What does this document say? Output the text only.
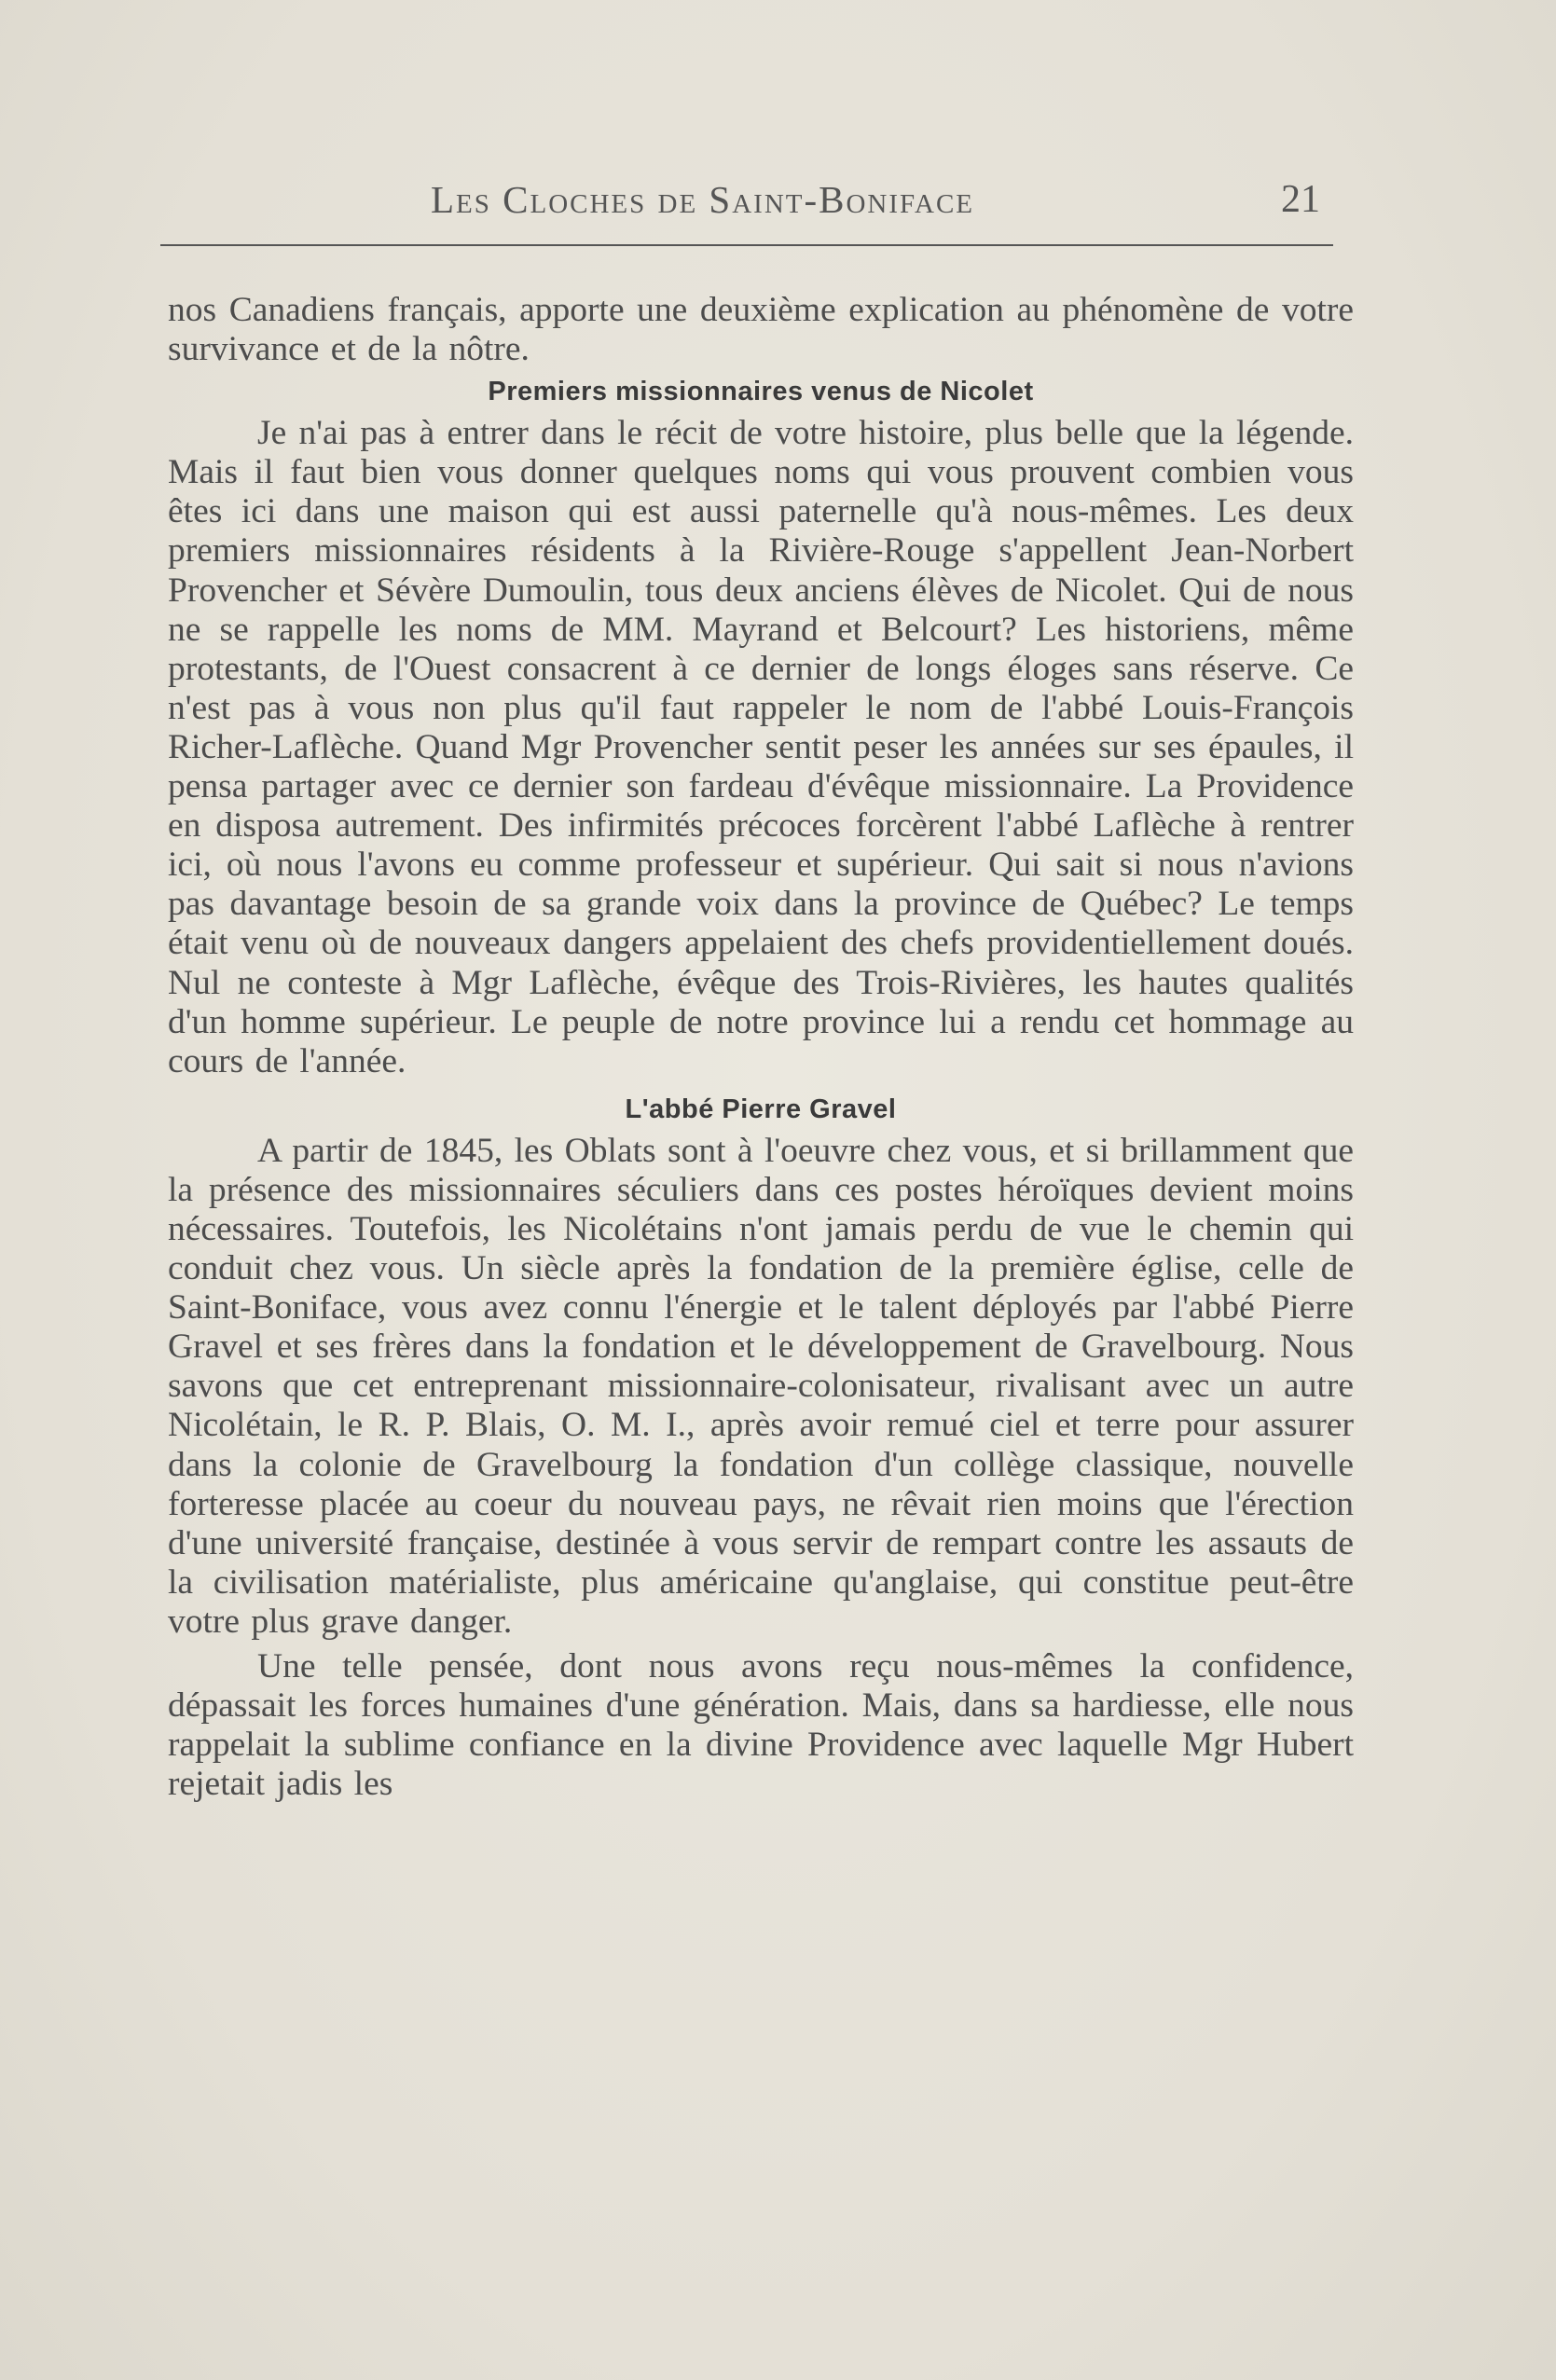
Les Cloches de Saint-Boniface	21

nos Canadiens français, apporte une deuxième explication au phénomène de votre survivance et de la nôtre.

Premiers missionnaires venus de Nicolet

Je n'ai pas à entrer dans le récit de votre histoire, plus belle que la légende. Mais il faut bien vous donner quelques noms qui vous prouvent combien vous êtes ici dans une maison qui est aussi paternelle qu'à nous-mêmes. Les deux premiers missionnaires résidents à la Rivière-Rouge s'appellent Jean-Norbert Provencher et Sévère Dumoulin, tous deux anciens élèves de Nicolet. Qui de nous ne se rappelle les noms de MM. Mayrand et Belcourt? Les historiens, même protestants, de l'Ouest consacrent à ce dernier de longs éloges sans réserve. Ce n'est pas à vous non plus qu'il faut rappeler le nom de l'abbé Louis-François Richer-Laflèche. Quand Mgr Provencher sentit peser les années sur ses épaules, il pensa partager avec ce dernier son fardeau d'évêque missionnaire. La Providence en disposa autrement. Des infirmités précoces forcèrent l'abbé Laflèche à rentrer ici, où nous l'avons eu comme professeur et supérieur. Qui sait si nous n'avions pas davantage besoin de sa grande voix dans la province de Québec? Le temps était venu où de nouveaux dangers appelaient des chefs providentiellement doués. Nul ne conteste à Mgr Laflèche, évêque des Trois-Rivières, les hautes qualités d'un homme supérieur. Le peuple de notre province lui a rendu cet hommage au cours de l'année.

L'abbé Pierre Gravel

A partir de 1845, les Oblats sont à l'oeuvre chez vous, et si brillamment que la présence des missionnaires séculiers dans ces postes héroïques devient moins nécessaires. Toutefois, les Nicolétains n'ont jamais perdu de vue le chemin qui conduit chez vous. Un siècle après la fondation de la première église, celle de Saint-Boniface, vous avez connu l'énergie et le talent déployés par l'abbé Pierre Gravel et ses frères dans la fondation et le développement de Gravelbourg. Nous savons que cet entreprenant missionnaire-colonisateur, rivalisant avec un autre Nicolétain, le R. P. Blais, O. M. I., après avoir remué ciel et terre pour assurer dans la colonie de Gravelbourg la fondation d'un collège classique, nouvelle forteresse placée au coeur du nouveau pays, ne rêvait rien moins que l'érection d'une université française, destinée à vous servir de rempart contre les assauts de la civilisation matérialiste, plus américaine qu'anglaise, qui constitue peut-être votre plus grave danger.

Une telle pensée, dont nous avons reçu nous-mêmes la confidence, dépassait les forces humaines d'une génération. Mais, dans sa hardiesse, elle nous rappelait la sublime confiance en la divine Providence avec laquelle Mgr Hubert rejetait jadis les
